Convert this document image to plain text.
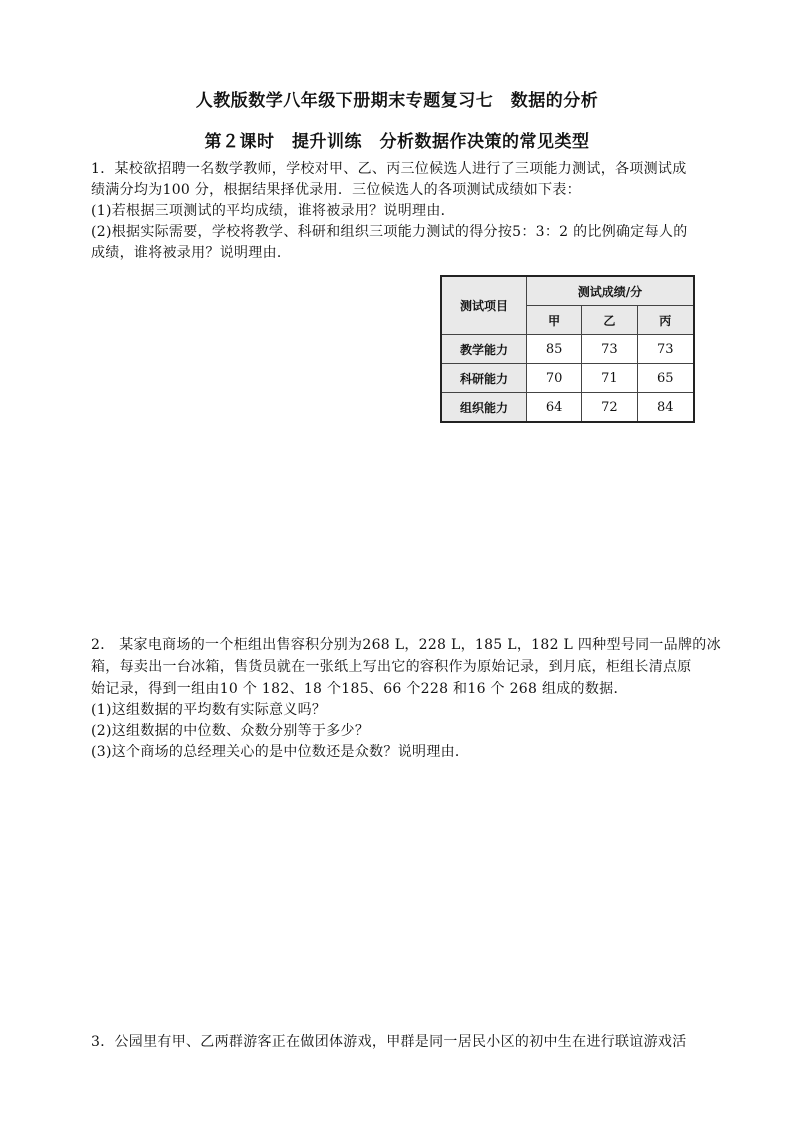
人教版数学八年级下册期末专题复习七　数据的分析
第２课时　提升训练　分析数据作决策的常见类型
1．某校欲招聘一名数学教师，学校对甲、乙、丙三位候选人进行了三项能力测试，各项测试成
绩满分均为100 分，根据结果择优录用．三位候选人的各项测试成绩如下表：
(1)若根据三项测试的平均成绩，谁将被录用？说明理由．
(2)根据实际需要，学校将教学、科研和组织三项能力测试的得分按5：3：2 的比例确定每人的
成绩，谁将被录用？说明理由．
测试项目	测试成绩/分		
	甲	乙	丙
教学能力	85	73	73
科研能力	70	71	65
组织能力	64	72	84
2． 某家电商场的一个柜组出售容积分别为268 L，228 L，185 L，182 L 四种型号同一品牌的冰
箱，每卖出一台冰箱，售货员就在一张纸上写出它的容积作为原始记录，到月底，柜组长清点原
始记录，得到一组由10 个 182、18 个185、66 个228 和16 个 268 组成的数据．
(1)这组数据的平均数有实际意义吗？
(2)这组数据的中位数、众数分别等于多少？
(3)这个商场的总经理关心的是中位数还是众数？说明理由．
3．公园里有甲、乙两群游客正在做团体游戏，甲群是同一居民小区的初中生在进行联谊游戏活
